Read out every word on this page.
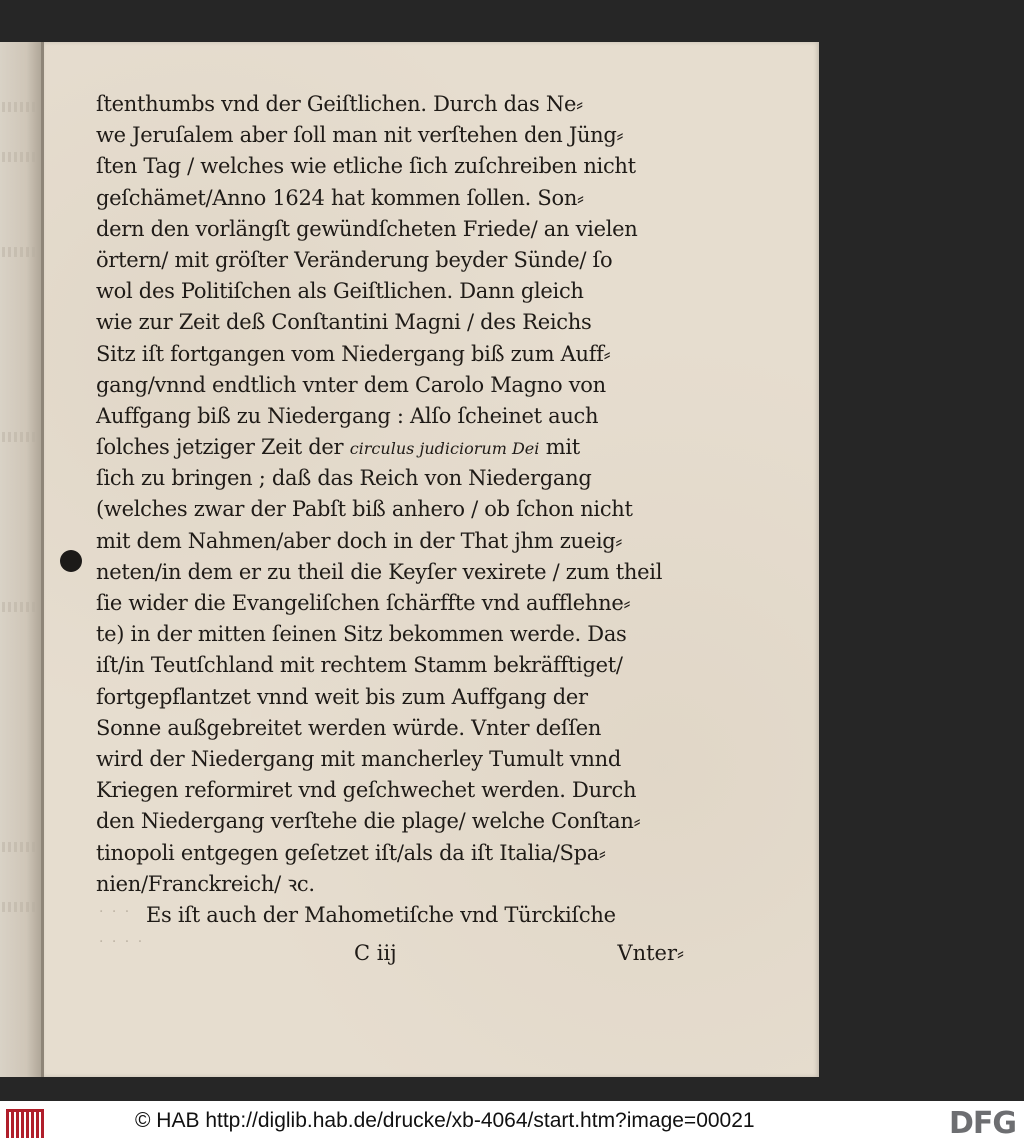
· · ·
· · · ·
ſtenthumbs vnd der Geiſtlichen. Durch das Ne⸗
we Jeruſalem aber ſoll man nit verſtehen den Jüng⸗
ſten Tag / welches wie etliche ſich zuſchreiben nicht
geſchämet/Anno 1624 hat kommen ſollen. Son⸗
dern den vorlängſt gewündſcheten Friede/ an vielen
örtern/ mit gröſter Veränderung beyder Sünde/ ſo
wol des Politiſchen als Geiſtlichen. Dann gleich
wie zur Zeit deß Conſtantini Magni / des Reichs
Sitz iſt fortgangen vom Niedergang biß zum Auff⸗
gang/vnnd endtlich vnter dem Carolo Magno von
Auffgang biß zu Niedergang : Alſo ſcheinet auch
ſolches jetziger Zeit der circulus judiciorum Dei mit
ſich zu bringen ; daß das Reich von Niedergang
(welches zwar der Pabſt biß anhero / ob ſchon nicht
mit dem Nahmen/aber doch in der That jhm zueig⸗
neten/in dem er zu theil die Keyſer vexirete / zum theil
ſie wider die Evangeliſchen ſchärffte vnd aufflehne⸗
te) in der mitten ſeinen Sitz bekommen werde. Das
iſt/in Teutſchland mit rechtem Stamm bekräfftiget/
fortgepflantzet vnnd weit bis zum Auffgang der
Sonne außgebreitet werden würde. Vnter deſſen
wird der Niedergang mit mancherley Tumult vnnd
Kriegen reformiret vnd geſchwechet werden. Durch
den Niedergang verſtehe die plage/ welche Conſtan⸗
tinopoli entgegen geſetzet iſt/als da iſt Italia/Spa⸗
nien/Franckreich/ ꝛc.
Es iſt auch der Mahometiſche vnd Türckiſche
C iij	Vnter⸗
© HAB http://diglib.hab.de/drucke/xb-4064/start.htm?image=00021	DFG
